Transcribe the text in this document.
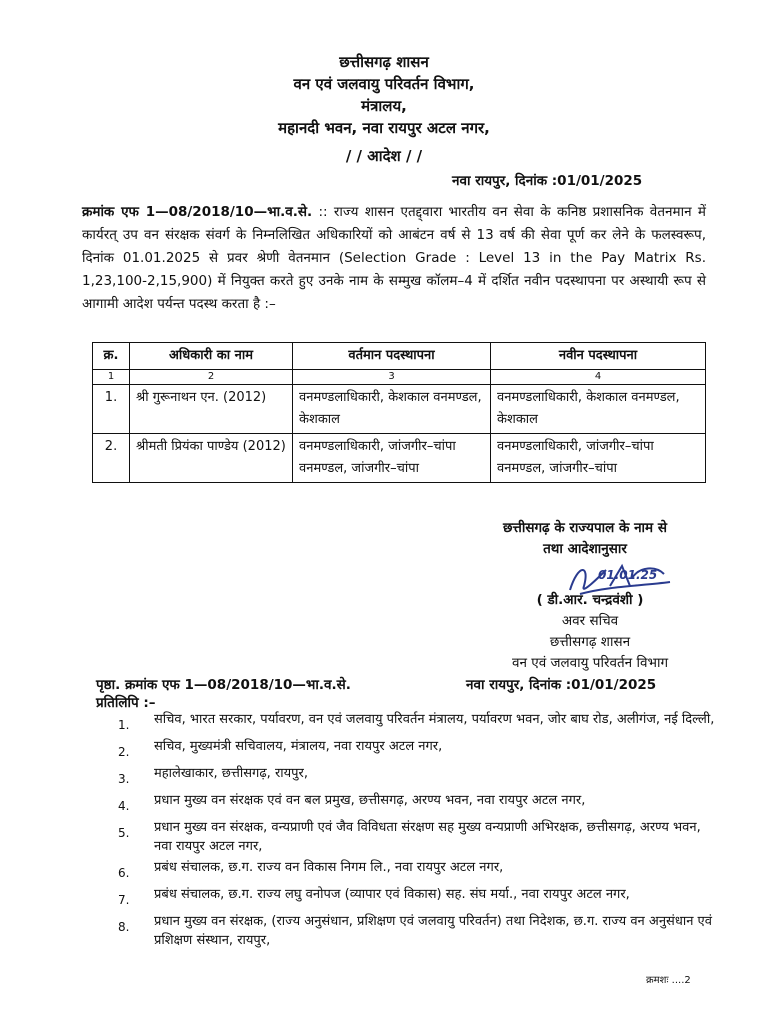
छत्तीसगढ़ शासन
वन एवं जलवायु परिवर्तन विभाग,
मंत्रालय,
महानदी भवन, नवा रायपुर अटल नगर,
/ / आदेश / /
नवा रायपुर, दिनांक :01/01/2025
क्रमांक एफ 1—08/2018/10—भा.व.से. :: राज्य शासन एतद्द्वारा भारतीय वन सेवा के कनिष्ठ प्रशासनिक वेतनमान में कार्यरत् उप वन संरक्षक संवर्ग के निम्नलिखित अधिकारियों को आबंटन वर्ष से 13 वर्ष की सेवा पूर्ण कर लेने के फलस्वरूप, दिनांक 01.01.2025 से प्रवर श्रेणी वेतनमान (Selection Grade : Level 13 in the Pay Matrix Rs. 1,23,100-2,15,900) में नियुक्त करते हुए उनके नाम के सम्मुख कॉलम–4 में दर्शित नवीन पदस्थापना पर अस्थायी रूप से आगामी आदेश पर्यन्त पदस्थ करता है :–
क्र.	अधिकारी का नाम	वर्तमान पदस्थापना	नवीन पदस्थापना
1	2	3	4
1.	श्री गुरूनाथन एन. (2012)	वनमण्डलाधिकारी, केशकाल वनमण्डल, केशकाल	वनमण्डलाधिकारी, केशकाल वनमण्डल, केशकाल
2.	श्रीमती प्रियंका पाण्डेय (2012)	वनमण्डलाधिकारी, जांजगीर–चांपा वनमण्डल, जांजगीर–चांपा	वनमण्डलाधिकारी, जांजगीर–चांपा वनमण्डल, जांजगीर–चांपा
छत्तीसगढ़ के राज्यपाल के नाम से
तथा आदेशानुसार
01.01.25
( डी.आर. चन्द्रवंशी )
अवर सचिव
छत्तीसगढ़ शासन
वन एवं जलवायु परिवर्तन विभाग
पृष्ठा. क्रमांक एफ 1—08/2018/10—भा.व.से.	नवा रायपुर, दिनांक :01/01/2025
प्रतिलिपि :–
1.	सचिव, भारत सरकार, पर्यावरण, वन एवं जलवायु परिवर्तन मंत्रालय, पर्यावरण भवन, जोर बाघ रोड, अलीगंज, नई दिल्ली,
2.	सचिव, मुख्यमंत्री सचिवालय, मंत्रालय, नवा रायपुर अटल नगर,
3.	महालेखाकार, छत्तीसगढ़, रायपुर,
4.	प्रधान मुख्य वन संरक्षक एवं वन बल प्रमुख, छत्तीसगढ़, अरण्य भवन, नवा रायपुर अटल नगर,
5.	प्रधान मुख्य वन संरक्षक, वन्यप्राणी एवं जैव विविधता संरक्षण सह मुख्य वन्यप्राणी अभिरक्षक, छत्तीसगढ़, अरण्य भवन, नवा रायपुर अटल नगर,
6.	प्रबंध संचालक, छ.ग. राज्य वन विकास निगम लि., नवा रायपुर अटल नगर,
7.	प्रबंध संचालक, छ.ग. राज्य लघु वनोपज (व्यापार एवं विकास) सह. संघ मर्या., नवा रायपुर अटल नगर,
8.	प्रधान मुख्य वन संरक्षक, (राज्य अनुसंधान, प्रशिक्षण एवं जलवायु परिवर्तन) तथा निदेशक, छ.ग. राज्य वन अनुसंधान एवं प्रशिक्षण संस्थान, रायपुर,
क्रमशः ....2
